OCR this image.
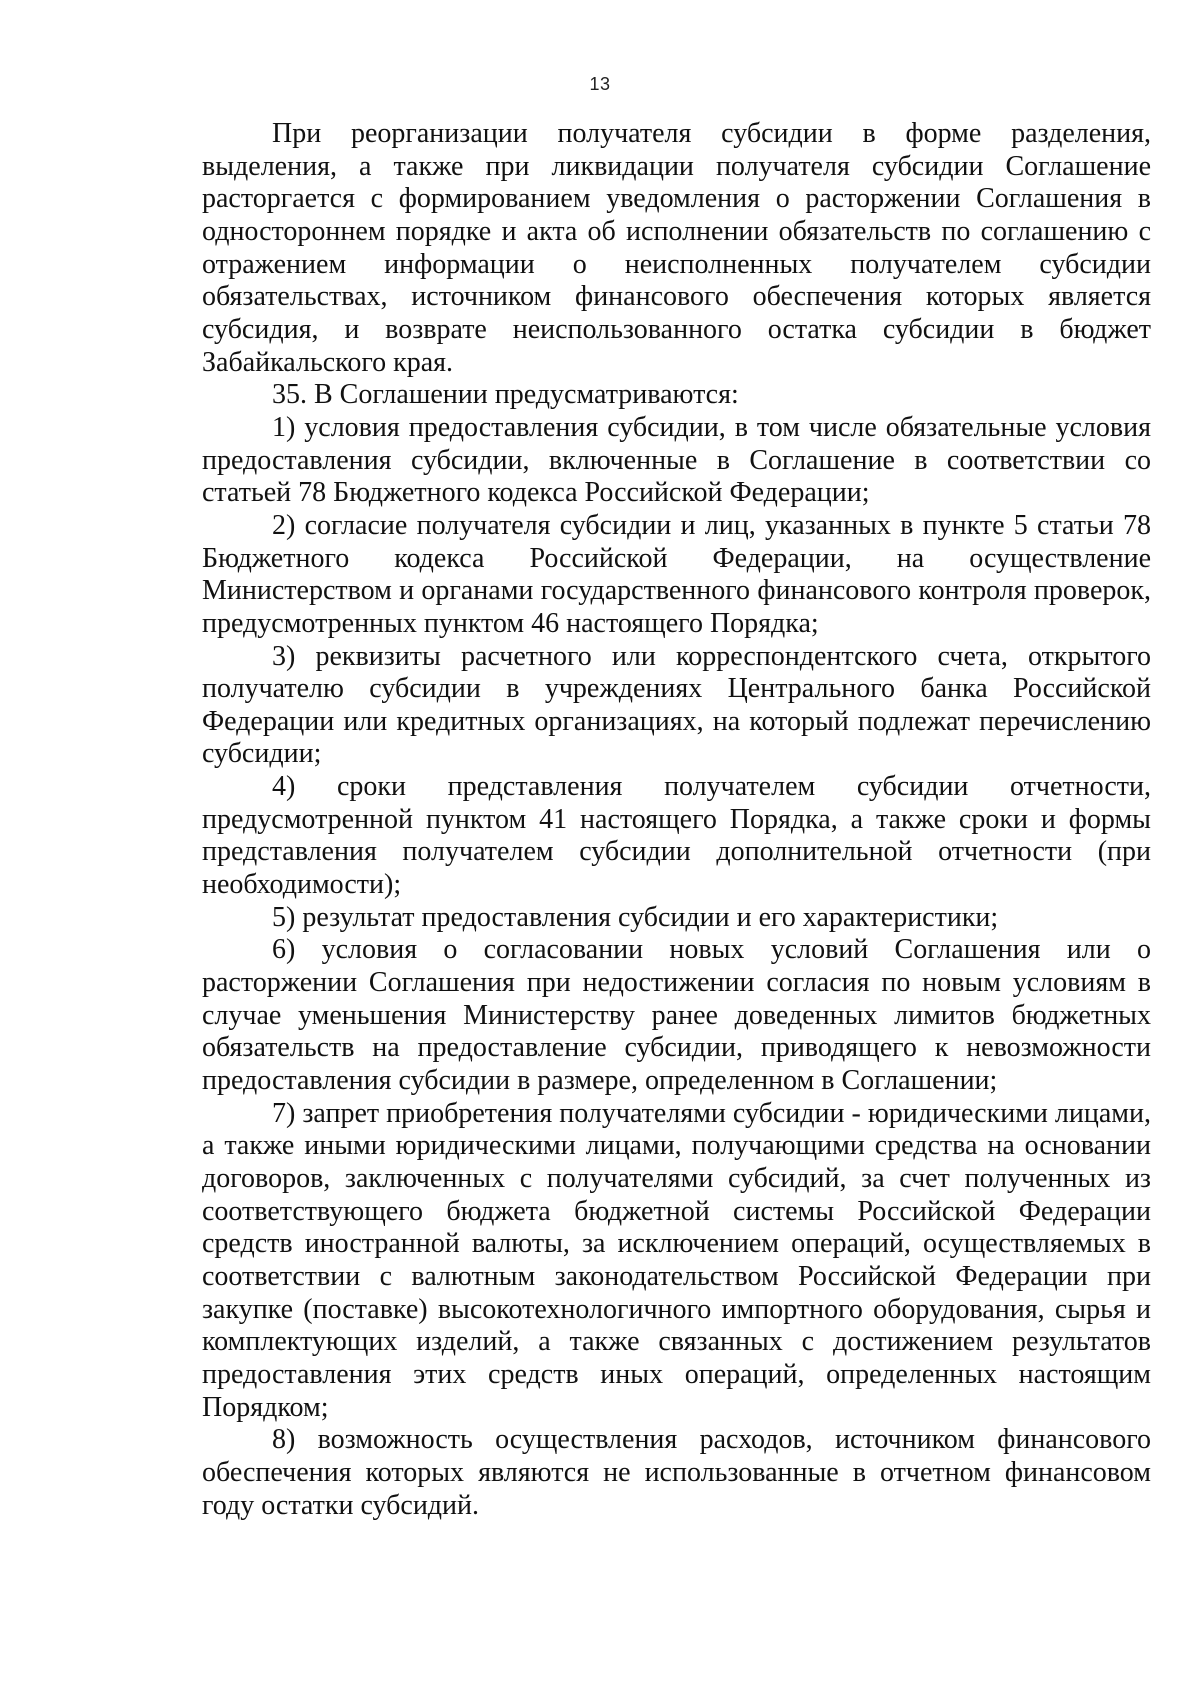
13

При реорганизации получателя субсидии в форме разделения, выделения, а также при ликвидации получателя субсидии Соглашение расторгается с формированием уведомления о расторжении Соглашения в одностороннем порядке и акта об исполнении обязательств по соглашению с отражением информации о неисполненных получателем субсидии обязательствах, источником финансового обеспечения которых является субсидия, и возврате неиспользованного остатка субсидии в бюджет Забайкальского края.

35. В Соглашении предусматриваются:

1) условия предоставления субсидии, в том числе обязательные условия предоставления субсидии, включенные в Соглашение в соответствии со статьей 78 Бюджетного кодекса Российской Федерации;

2) согласие получателя субсидии и лиц, указанных в пункте 5 статьи 78 Бюджетного кодекса Российской Федерации, на осуществление Министерством и органами государственного финансового контроля проверок, предусмотренных пунктом 46 настоящего Порядка;

3) реквизиты расчетного или корреспондентского счета, открытого получателю субсидии в учреждениях Центрального банка Российской Федерации или кредитных организациях, на который подлежат перечислению субсидии;

4) сроки представления получателем субсидии отчетности, предусмотренной пунктом 41 настоящего Порядка, а также сроки и формы представления получателем субсидии дополнительной отчетности (при необходимости);

5) результат предоставления субсидии и его характеристики;

6) условия о согласовании новых условий Соглашения или о расторжении Соглашения при недостижении согласия по новым условиям в случае уменьшения Министерству ранее доведенных лимитов бюджетных обязательств на предоставление субсидии, приводящего к невозможности предоставления субсидии в размере, определенном в Соглашении;

7) запрет приобретения получателями субсидии - юридическими лицами, а также иными юридическими лицами, получающими средства на основании договоров, заключенных с получателями субсидий, за счет полученных из соответствующего бюджета бюджетной системы Российской Федерации средств иностранной валюты, за исключением операций, осуществляемых в соответствии с валютным законодательством Российской Федерации при закупке (поставке) высокотехнологичного импортного оборудования, сырья и комплектующих изделий, а также связанных с достижением результатов предоставления этих средств иных операций, определенных настоящим Порядком;

8) возможность осуществления расходов, источником финансового обеспечения которых являются не использованные в отчетном финансовом году остатки субсидий.
